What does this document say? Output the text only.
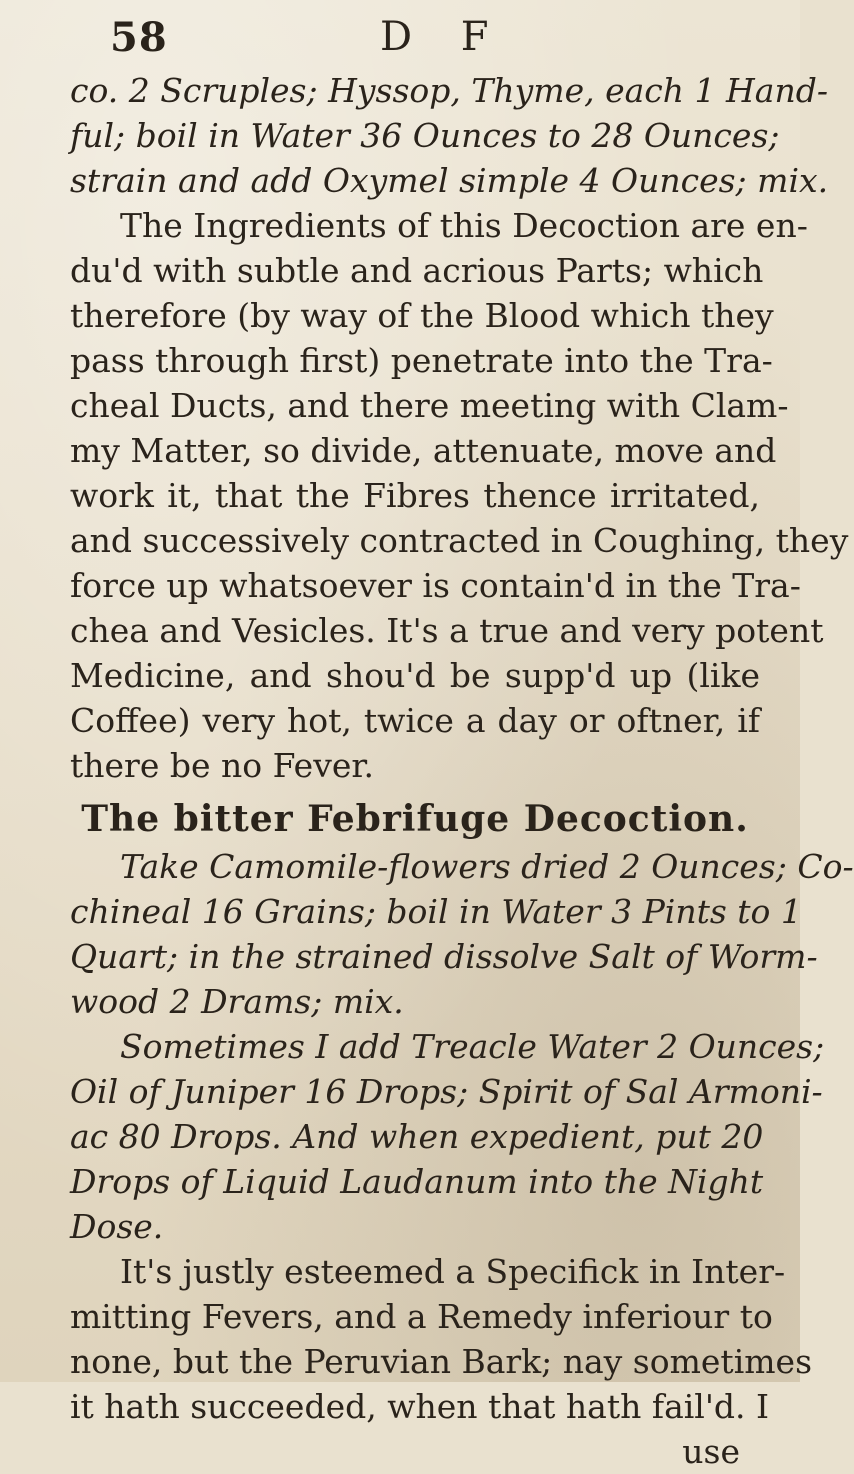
58	D F
co. 2 Scruples; Hyssop, Thyme, each 1 Hand-
ful; boil in Water 36 Ounces to 28 Ounces;
strain and add Oxymel simple 4 Ounces; mix.
The Ingredients of this Decoction are en-
du'd with subtle and acrious Parts; which
therefore (by way of the Blood which they
pass through first) penetrate into the Tra-
cheal Ducts, and there meeting with Clam-
my Matter, so divide, attenuate, move and
work it, that the Fibres thence irritated,
and successively contracted in Coughing, they
force up whatsoever is contain'd in the Tra-
chea and Vesicles. It's a true and very potent
Medicine, and shou'd be supp'd up (like
Coffee) very hot, twice a day or oftner, if
there be no Fever.
The bitter Febrifuge Decoction.
Take Camomile-flowers dried 2 Ounces; Co-
chineal 16 Grains; boil in Water 3 Pints to 1
Quart; in the strained dissolve Salt of Worm-
wood 2 Drams; mix.
Sometimes I add Treacle Water 2 Ounces;
Oil of Juniper 16 Drops; Spirit of Sal Armoni-
ac 80 Drops. And when expedient, put 20
Drops of Liquid Laudanum into the Night
Dose.
It's justly esteemed a Specifick in Inter-
mitting Fevers, and a Remedy inferiour to
none, but the Peruvian Bark; nay sometimes
it hath succeeded, when that hath fail'd. I
use
